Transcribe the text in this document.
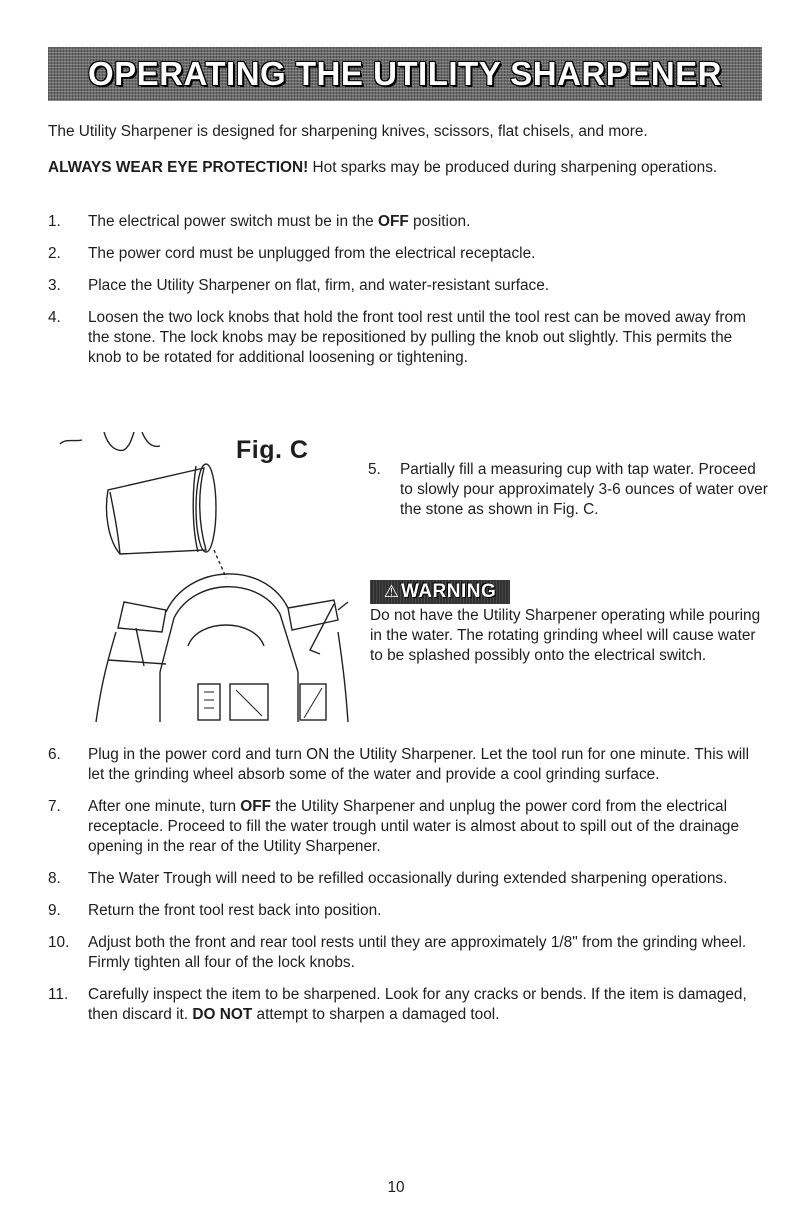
OPERATING THE UTILITY SHARPENER
The Utility Sharpener is designed for sharpening knives, scissors, flat chisels, and more.
ALWAYS WEAR EYE PROTECTION! Hot sparks may be produced during sharpening operations.
1. The electrical power switch must be in the OFF position.
2. The power cord must be unplugged from the electrical receptacle.
3. Place the Utility Sharpener on flat, firm, and water-resistant surface.
4. Loosen the two lock knobs that hold the front tool rest until the tool rest can be moved away from the stone. The lock knobs may be repositioned by pulling the knob out slightly. This permits the knob to be rotated for additional loosening or tightening.
Fig. C
5. Partially fill a measuring cup with tap water. Proceed to slowly pour approximately 3-6 ounces of water over the stone as shown in Fig. C.
⚠ WARNING
Do not have the Utility Sharpener operating while pouring in the water. The rotating grinding wheel will cause water to be splashed possibly onto the electrical switch.
6. Plug in the power cord and turn ON the Utility Sharpener. Let the tool run for one minute. This will let the grinding wheel absorb some of the water and provide a cool grinding surface.
7. After one minute, turn OFF the Utility Sharpener and unplug the power cord from the electrical receptacle. Proceed to fill the water trough until water is almost about to spill out of the drainage opening in the rear of the Utility Sharpener.
8. The Water Trough will need to be refilled occasionally during extended sharpening operations.
9. Return the front tool rest back into position.
10. Adjust both the front and rear tool rests until they are approximately 1/8" from the grinding wheel. Firmly tighten all four of the lock knobs.
11. Carefully inspect the item to be sharpened. Look for any cracks or bends. If the item is damaged, then discard it. DO NOT attempt to sharpen a damaged tool.
10
